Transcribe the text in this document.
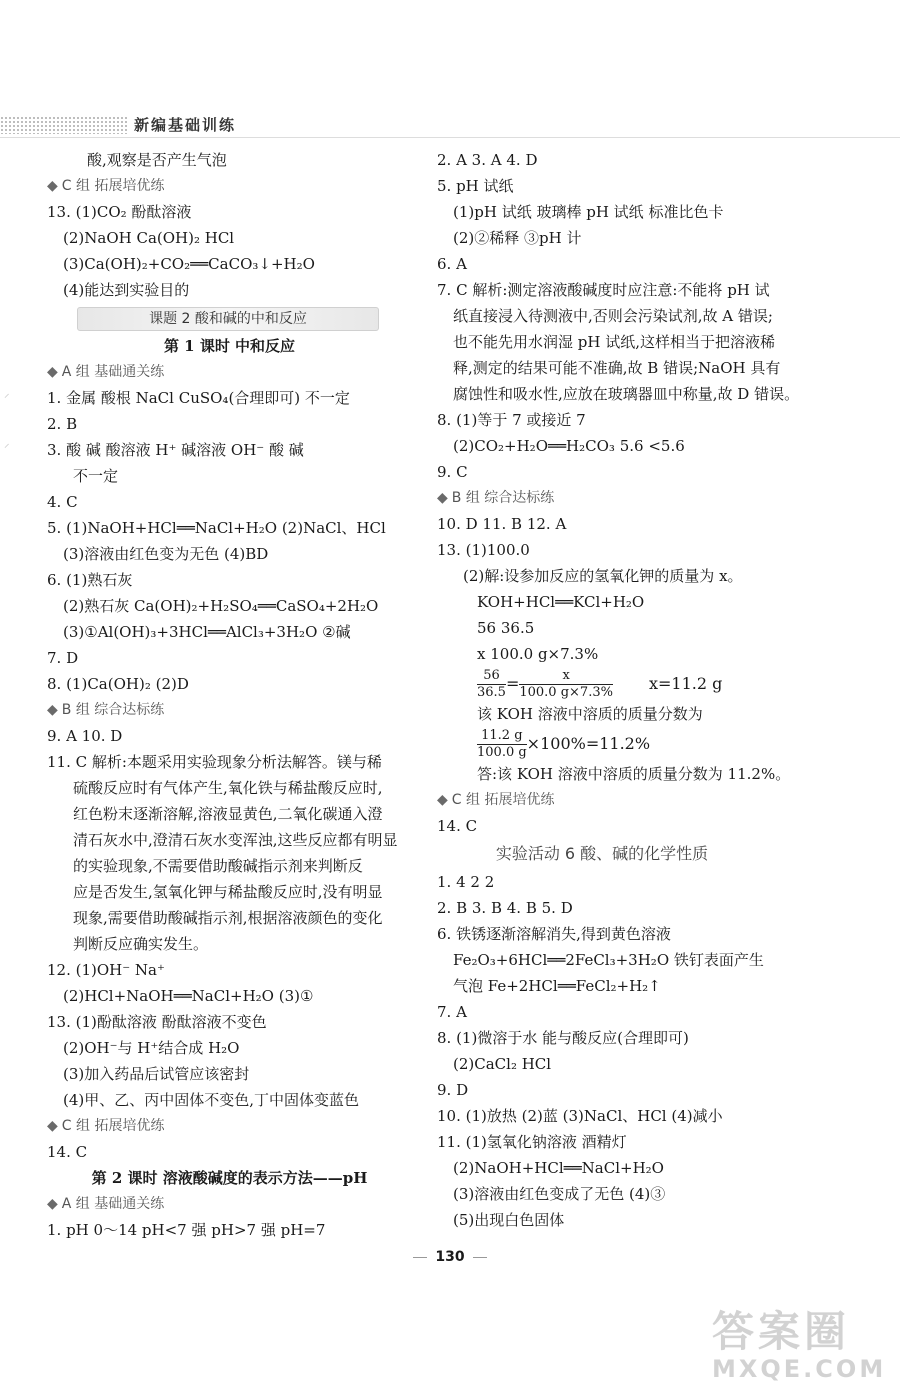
新编基础训练
⸝
⸝
酸,观察是否产生气泡
◆ C 组 拓展培优练
13. (1)CO₂ 酚酞溶液
(2)NaOH Ca(OH)₂ HCl
(3)Ca(OH)₂+CO₂══CaCO₃↓+H₂O
(4)能达到实验目的
课题 2 酸和碱的中和反应
第 1 课时 中和反应
◆ A 组 基础通关练
1. 金属 酸根 NaCl CuSO₄(合理即可) 不一定
2. B
3. 酸 碱 酸溶液 H⁺ 碱溶液 OH⁻ 酸 碱
不一定
4. C
5. (1)NaOH+HCl══NaCl+H₂O (2)NaCl、HCl
(3)溶液由红色变为无色 (4)BD
6. (1)熟石灰
(2)熟石灰 Ca(OH)₂+H₂SO₄══CaSO₄+2H₂O
(3)①Al(OH)₃+3HCl══AlCl₃+3H₂O ②碱
7. D
8. (1)Ca(OH)₂ (2)D
◆ B 组 综合达标练
9. A 10. D
11. C 解析:本题采用实验现象分析法解答。镁与稀
硫酸反应时有气体产生,氧化铁与稀盐酸反应时,
红色粉末逐渐溶解,溶液显黄色,二氧化碳通入澄
清石灰水中,澄清石灰水变浑浊,这些反应都有明显
的实验现象,不需要借助酸碱指示剂来判断反
应是否发生,氢氧化钾与稀盐酸反应时,没有明显
现象,需要借助酸碱指示剂,根据溶液颜色的变化
判断反应确实发生。
12. (1)OH⁻ Na⁺
(2)HCl+NaOH══NaCl+H₂O (3)①
13. (1)酚酞溶液 酚酞溶液不变色
(2)OH⁻与 H⁺结合成 H₂O
(3)加入药品后试管应该密封
(4)甲、乙、丙中固体不变色,丁中固体变蓝色
◆ C 组 拓展培优练
14. C
第 2 课时 溶液酸碱度的表示方法——pH
◆ A 组 基础通关练
1. pH 0～14 pH<7 强 pH>7 强 pH=7
2. A 3. A 4. D
5. pH 试纸
(1)pH 试纸 玻璃棒 pH 试纸 标准比色卡
(2)②稀释 ③pH 计
6. A
7. C 解析:测定溶液酸碱度时应注意:不能将 pH 试
纸直接浸入待测液中,否则会污染试剂,故 A 错误;
也不能先用水润湿 pH 试纸,这样相当于把溶液稀
释,测定的结果可能不准确,故 B 错误;NaOH 具有
腐蚀性和吸水性,应放在玻璃器皿中称量,故 D 错误。
8. (1)等于 7 或接近 7
(2)CO₂+H₂O══H₂CO₃ 5.6 <5.6
9. C
◆ B 组 综合达标练
10. D 11. B 12. A
13. (1)100.0
(2)解:设参加反应的氢氧化钾的质量为 x。
KOH+HCl══KCl+H₂O
56 36.5
x 100.0 g×7.3%
$\frac{56}{36.5} = \frac{x}{100.0 g\times 7.3\%} x=11.2$ g
该 KOH 溶液中溶质的质量分数为
$\frac{11.2 g}{100.0 g} \times 100\%=11.2\%$
答:该 KOH 溶液中溶质的质量分数为 11.2%。
◆ C 组 拓展培优练
14. C
实验活动 6 酸、碱的化学性质
1. 4 2 2
2. B 3. B 4. B 5. D
6. 铁锈逐渐溶解消失,得到黄色溶液
Fe₂O₃+6HCl══2FeCl₃+3H₂O 铁钉表面产生
气泡 Fe+2HCl══FeCl₂+H₂↑
7. A
8. (1)微溶于水 能与酸反应(合理即可)
(2)CaCl₂ HCl
9. D
10. (1)放热 (2)蓝 (3)NaCl、HCl (4)减小
11. (1)氢氧化钠溶液 酒精灯
(2)NaOH+HCl══NaCl+H₂O
(3)溶液由红色变成了无色 (4)③
(5)出现白色固体
130
答案圈
MXQE.COM
